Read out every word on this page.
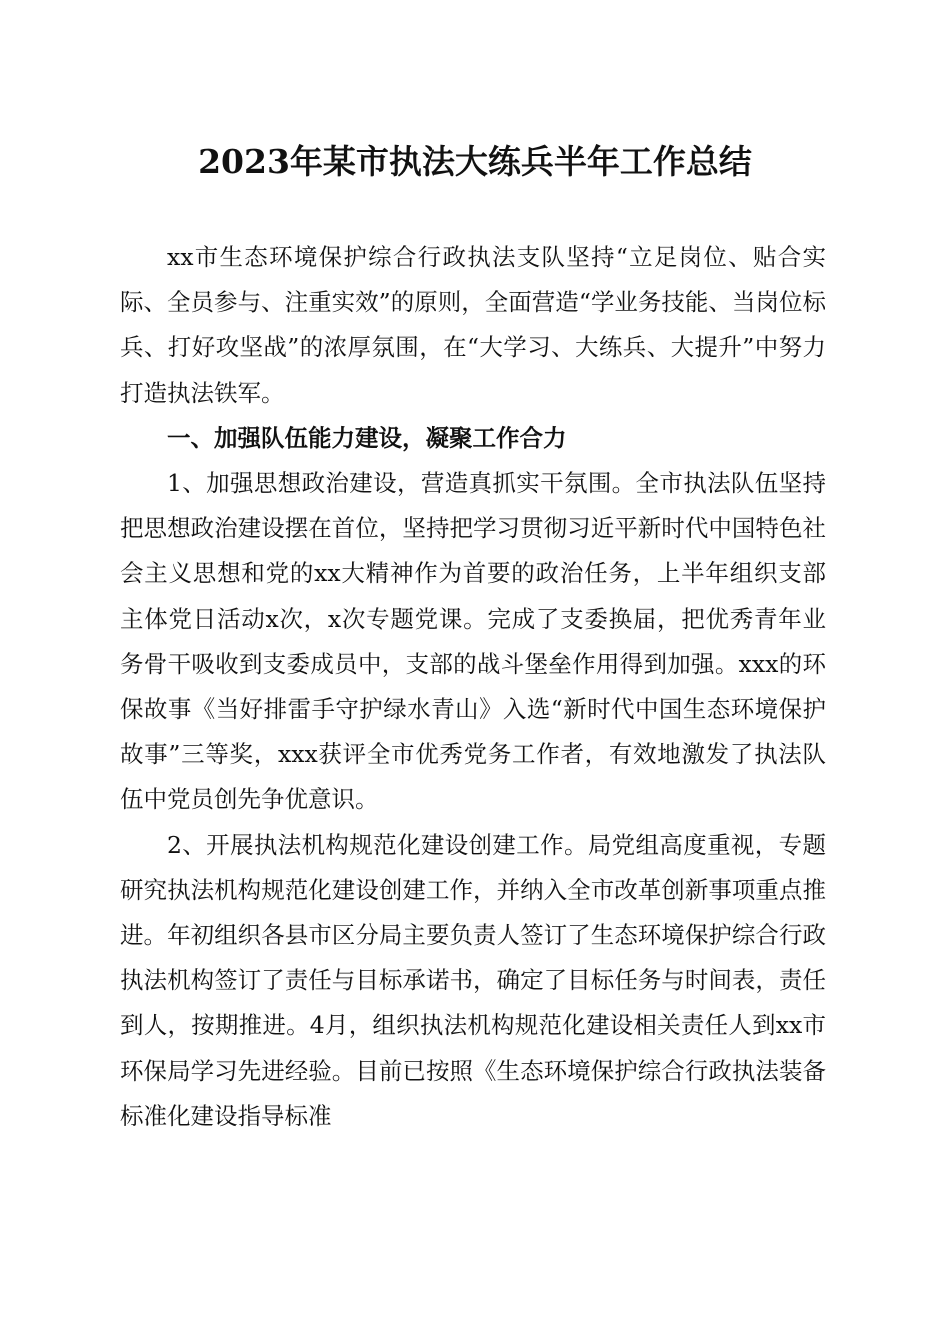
2023年某市执法大练兵半年工作总结

xx市生态环境保护综合行政执法支队坚持“立足岗位、贴合实际、全员参与、注重实效”的原则，全面营造“学业务技能、当岗位标兵、打好攻坚战”的浓厚氛围，在“大学习、大练兵、大提升”中努力打造执法铁军。

一、加强队伍能力建设，凝聚工作合力

1、加强思想政治建设，营造真抓实干氛围。全市执法队伍坚持把思想政治建设摆在首位，坚持把学习贯彻习近平新时代中国特色社会主义思想和党的xx大精神作为首要的政治任务，上半年组织支部主体党日活动x次，x次专题党课。完成了支委换届，把优秀青年业务骨干吸收到支委成员中，支部的战斗堡垒作用得到加强。xxx的环保故事《当好排雷手守护绿水青山》入选“新时代中国生态环境保护故事”三等奖，xxx获评全市优秀党务工作者，有效地激发了执法队伍中党员创先争优意识。

2、开展执法机构规范化建设创建工作。局党组高度重视，专题研究执法机构规范化建设创建工作，并纳入全市改革创新事项重点推进。年初组织各县市区分局主要负责人签订了生态环境保护综合行政执法机构签订了责任与目标承诺书，确定了目标任务与时间表，责任到人，按期推进。4月，组织执法机构规范化建设相关责任人到xx市环保局学习先进经验。目前已按照《生态环境保护综合行政执法装备标准化建设指导标准
